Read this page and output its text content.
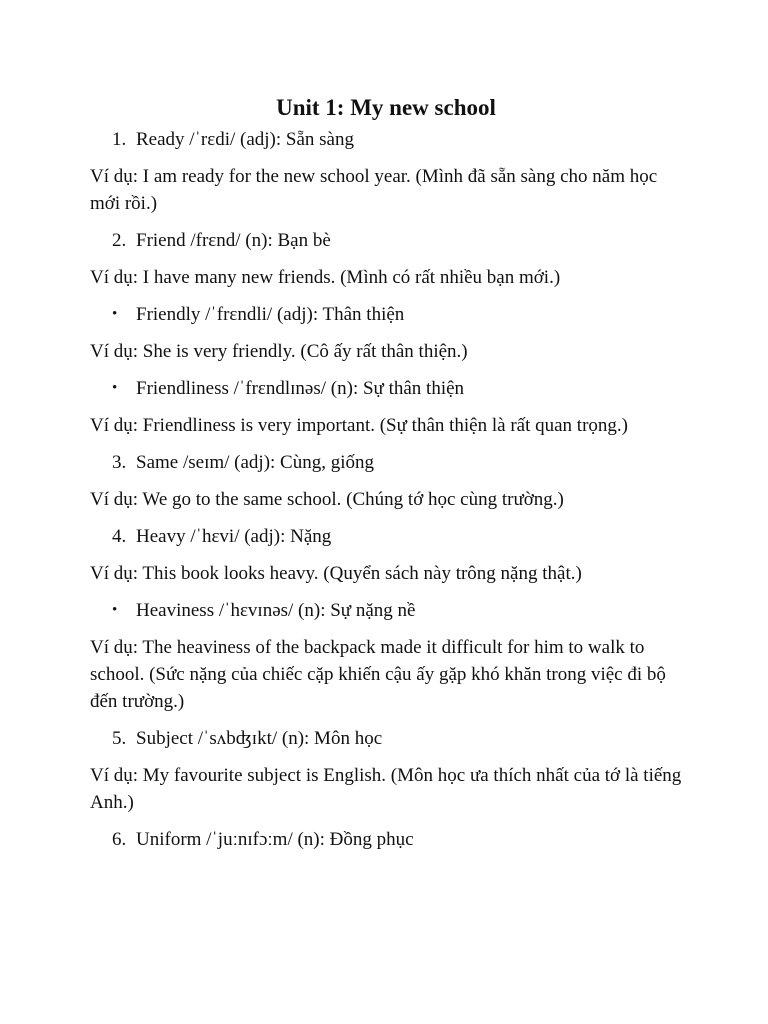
Unit 1: My new school
1. Ready /ˈrɛdi/ (adj): Sẵn sàng
Ví dụ: I am ready for the new school year. (Mình đã sẵn sàng cho năm học mới rồi.)
2. Friend /frɛnd/ (n): Bạn bè
Ví dụ: I have many new friends. (Mình có rất nhiều bạn mới.)
• Friendly /ˈfrɛndli/ (adj): Thân thiện
Ví dụ: She is very friendly. (Cô ấy rất thân thiện.)
• Friendliness /ˈfrɛndlɪnəs/ (n): Sự thân thiện
Ví dụ: Friendliness is very important. (Sự thân thiện là rất quan trọng.)
3. Same /seɪm/ (adj): Cùng, giống
Ví dụ: We go to the same school. (Chúng tớ học cùng trường.)
4. Heavy /ˈhɛvi/ (adj): Nặng
Ví dụ: This book looks heavy. (Quyển sách này trông nặng thật.)
• Heaviness /ˈhɛvɪnəs/ (n): Sự nặng nề
Ví dụ: The heaviness of the backpack made it difficult for him to walk to school. (Sức nặng của chiếc cặp khiến cậu ấy gặp khó khăn trong việc đi bộ đến trường.)
5. Subject /ˈsʌbʤɪkt/ (n): Môn học
Ví dụ: My favourite subject is English. (Môn học ưa thích nhất của tớ là tiếng Anh.)
6. Uniform /ˈjuːnɪfɔːm/ (n): Đồng phục
